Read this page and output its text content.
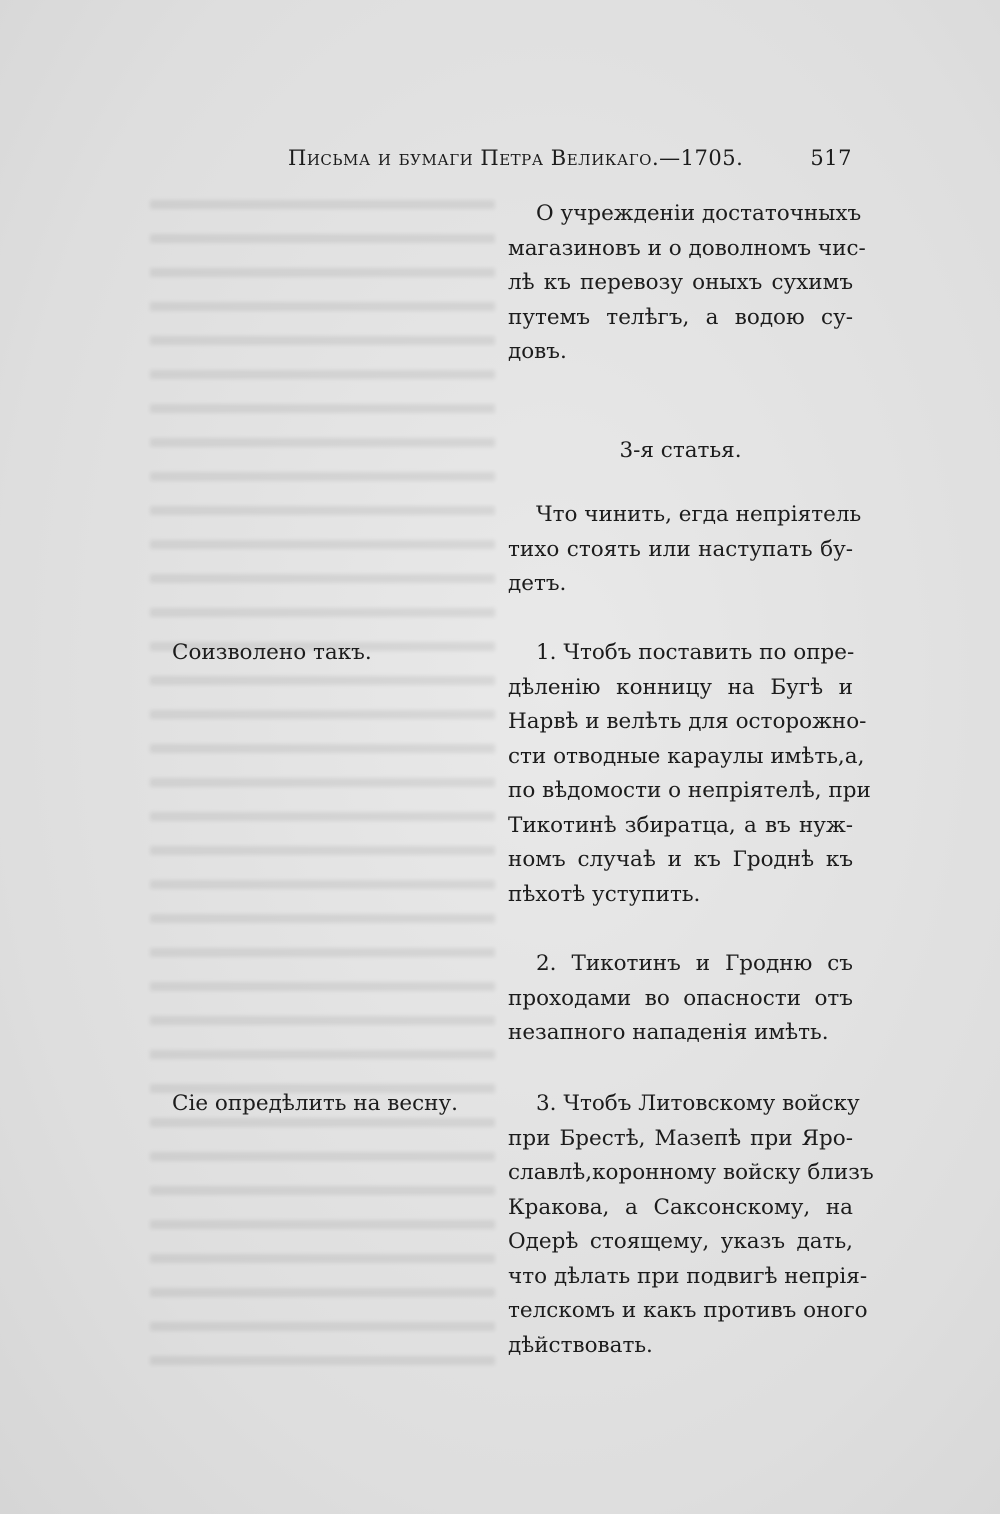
Письма и бумаги Петра Великаго.—1705.	517
О учрежденіи достаточныхъ
магазиновъ и о доволномъ чис-
лѣ къ перевозу оныхъ сухимъ
путемъ телѣгъ, а водою су-
довъ.
3-я статья.
Что чинить, егда непріятель
тихо стоять или наступать бу-
детъ.
Соизволено такъ.	1. Чтобъ поставить по опре-
дѣленію конницу на Бугѣ и
Нарвѣ и велѣть для осторожно-
сти отводные караулы имѣть,а,
по вѣдомости о непріятелѣ, при
Тикотинѣ збиратца, а въ нуж-
номъ случаѣ и къ Гроднѣ къ
пѣхотѣ уступить.
2. Тикотинъ и Гродню съ
проходами во опасности отъ
незапного нападенія имѣть.
Сіе опредѣлить на весну.	3. Чтобъ Литовскому войску
при Брестѣ, Мазепѣ при Яро-
славлѣ,коронному войску близъ
Кракова, а Саксонскому, на
Одерѣ стоящему, указъ дать,
что дѣлать при подвигѣ непрія-
телскомъ и какъ противъ оного
дѣйствовать.
